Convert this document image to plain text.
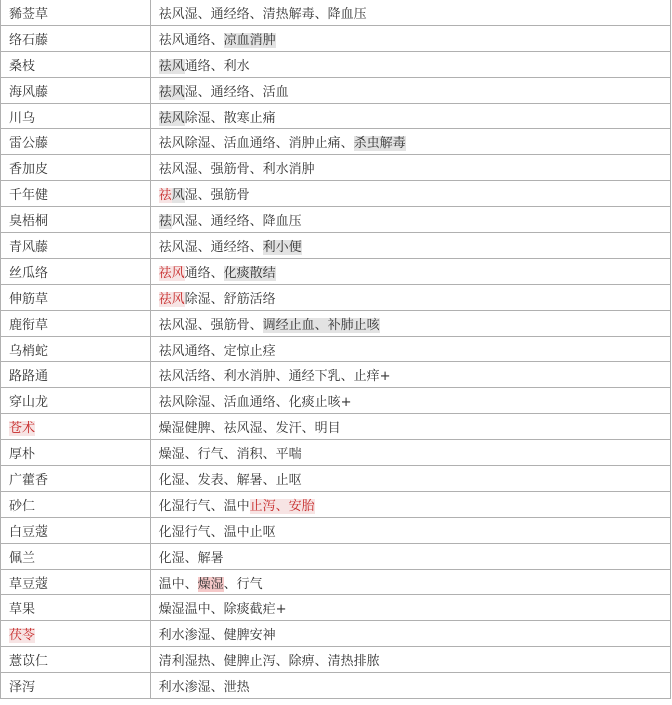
豨莶草	祛风湿、通经络、清热解毒、降血压
络石藤	祛风通络、凉血消肿
桑枝	祛风通络、利水
海风藤	祛风湿、通经络、活血
川乌	祛风除湿、散寒止痛
雷公藤	祛风除湿、活血通络、消肿止痛、杀虫解毒
香加皮	祛风湿、强筋骨、利水消肿
千年健	祛风湿、强筋骨
臭梧桐	祛风湿、通经络、降血压
青风藤	祛风湿、通经络、利小便
丝瓜络	祛风通络、化痰散结
伸筋草	祛风除湿、舒筋活络
鹿衔草	祛风湿、强筋骨、调经止血、补肺止咳
乌梢蛇	祛风通络、定惊止痉
路路通	祛风活络、利水消肿、通经下乳、止痒+
穿山龙	祛风除湿、活血通络、化痰止咳+
苍术	燥湿健脾、祛风湿、发汗、明目
厚朴	燥湿、行气、消积、平喘
广藿香	化湿、发表、解暑、止呕
砂仁	化湿行气、温中止泻、安胎
白豆蔻	化湿行气、温中止呕
佩兰	化湿、解暑
草豆蔻	温中、燥湿、行气
草果	燥湿温中、除痰截疟+
茯苓	利水渗湿、健脾安神
薏苡仁	清利湿热、健脾止泻、除痹、清热排脓
泽泻	利水渗湿、泄热
